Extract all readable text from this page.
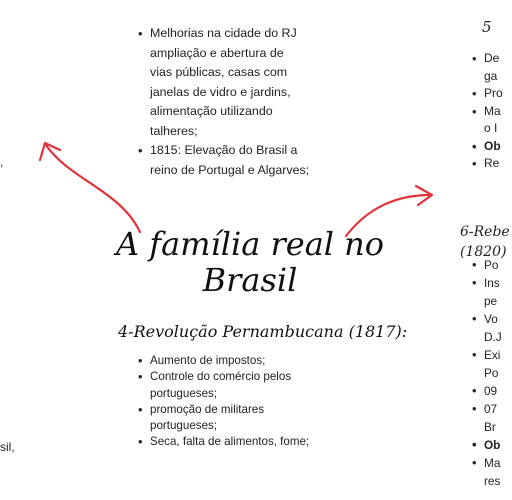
• Melhorias na cidade do RJ
ampliação e abertura de
vias públicas, casas com
janelas de vidro e jardins,
alimentação utilizando
talheres;
• 1815: Elevação do Brasil a
reino de Portugal e Algarves;
A família real no
Brasil
4-Revolução Pernambucana (1817):
• Aumento de impostos;
• Controle do comércio pelos
portugueses;
• promoção de militares
portugueses;
• Seca, falta de alimentos, fome;
5
• De
ga
• Pro
• Ma
o I
• Ob
• Re
6-Rebe
(1820)
• Po
• Ins
pe
• Vo
D.J
• Exi
Po
• 09
• 07
Br
• Ob
• Ma
res
,
sil,
